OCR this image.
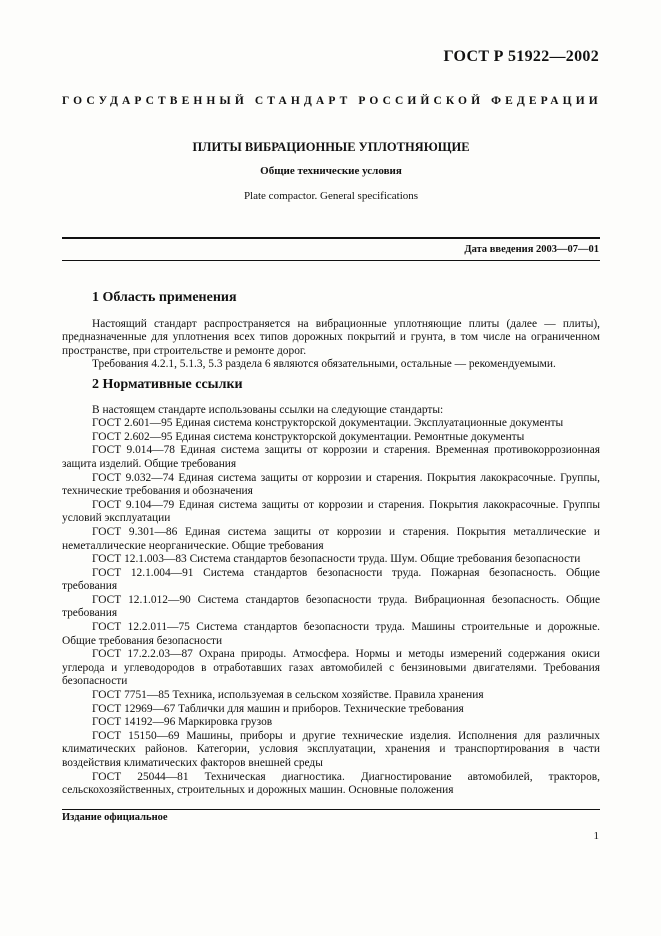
ГОСТ Р 51922—2002
ГОСУДАРСТВЕННЫЙ СТАНДАРТ РОССИЙСКОЙ ФЕДЕРАЦИИ
ПЛИТЫ ВИБРАЦИОННЫЕ УПЛОТНЯЮЩИЕ
Общие технические условия
Plate compactor. General specifications
Дата введения 2003—07—01
1 Область применения

Настоящий стандарт распространяется на вибрационные уплотняющие плиты (далее — плиты), предназначенные для уплотнения всех типов дорожных покрытий и грунта, в том числе на ограниченном пространстве, при строительстве и ремонте дорог.

Требования 4.2.1, 5.1.3, 5.3 раздела 6 являются обязательными, остальные — рекомендуемыми.

2 Нормативные ссылки

В настоящем стандарте использованы ссылки на следующие стандарты:

ГОСТ 2.601—95 Единая система конструкторской документации. Эксплуатационные документы

ГОСТ 2.602—95 Единая система конструкторской документации. Ремонтные документы

ГОСТ 9.014—78 Единая система защиты от коррозии и старения. Временная противокоррозионная защита изделий. Общие требования

ГОСТ 9.032—74 Единая система защиты от коррозии и старения. Покрытия лакокрасочные. Группы, технические требования и обозначения

ГОСТ 9.104—79 Единая система защиты от коррозии и старения. Покрытия лакокрасочные. Группы условий эксплуатации

ГОСТ 9.301—86 Единая система защиты от коррозии и старения. Покрытия металлические и неметаллические неорганические. Общие требования

ГОСТ 12.1.003—83 Система стандартов безопасности труда. Шум. Общие требования безопасности

ГОСТ 12.1.004—91 Система стандартов безопасности труда. Пожарная безопасность. Общие требования

ГОСТ 12.1.012—90 Система стандартов безопасности труда. Вибрационная безопасность. Общие требования

ГОСТ 12.2.011—75 Система стандартов безопасности труда. Машины строительные и дорожные. Общие требования безопасности

ГОСТ 17.2.2.03—87 Охрана природы. Атмосфера. Нормы и методы измерений содержания окиси углерода и углеводородов в отработавших газах автомобилей с бензиновыми двигателями. Требования безопасности

ГОСТ 7751—85 Техника, используемая в сельском хозяйстве. Правила хранения

ГОСТ 12969—67 Таблички для машин и приборов. Технические требования

ГОСТ 14192—96 Маркировка грузов

ГОСТ 15150—69 Машины, приборы и другие технические изделия. Исполнения для различных климатических районов. Категории, условия эксплуатации, хранения и транспортирования в части воздействия климатических факторов внешней среды

ГОСТ 25044—81 Техническая диагностика. Диагностирование автомобилей, тракторов, сельскохозяйственных, строительных и дорожных машин. Основные положения

Издание официальное
1
